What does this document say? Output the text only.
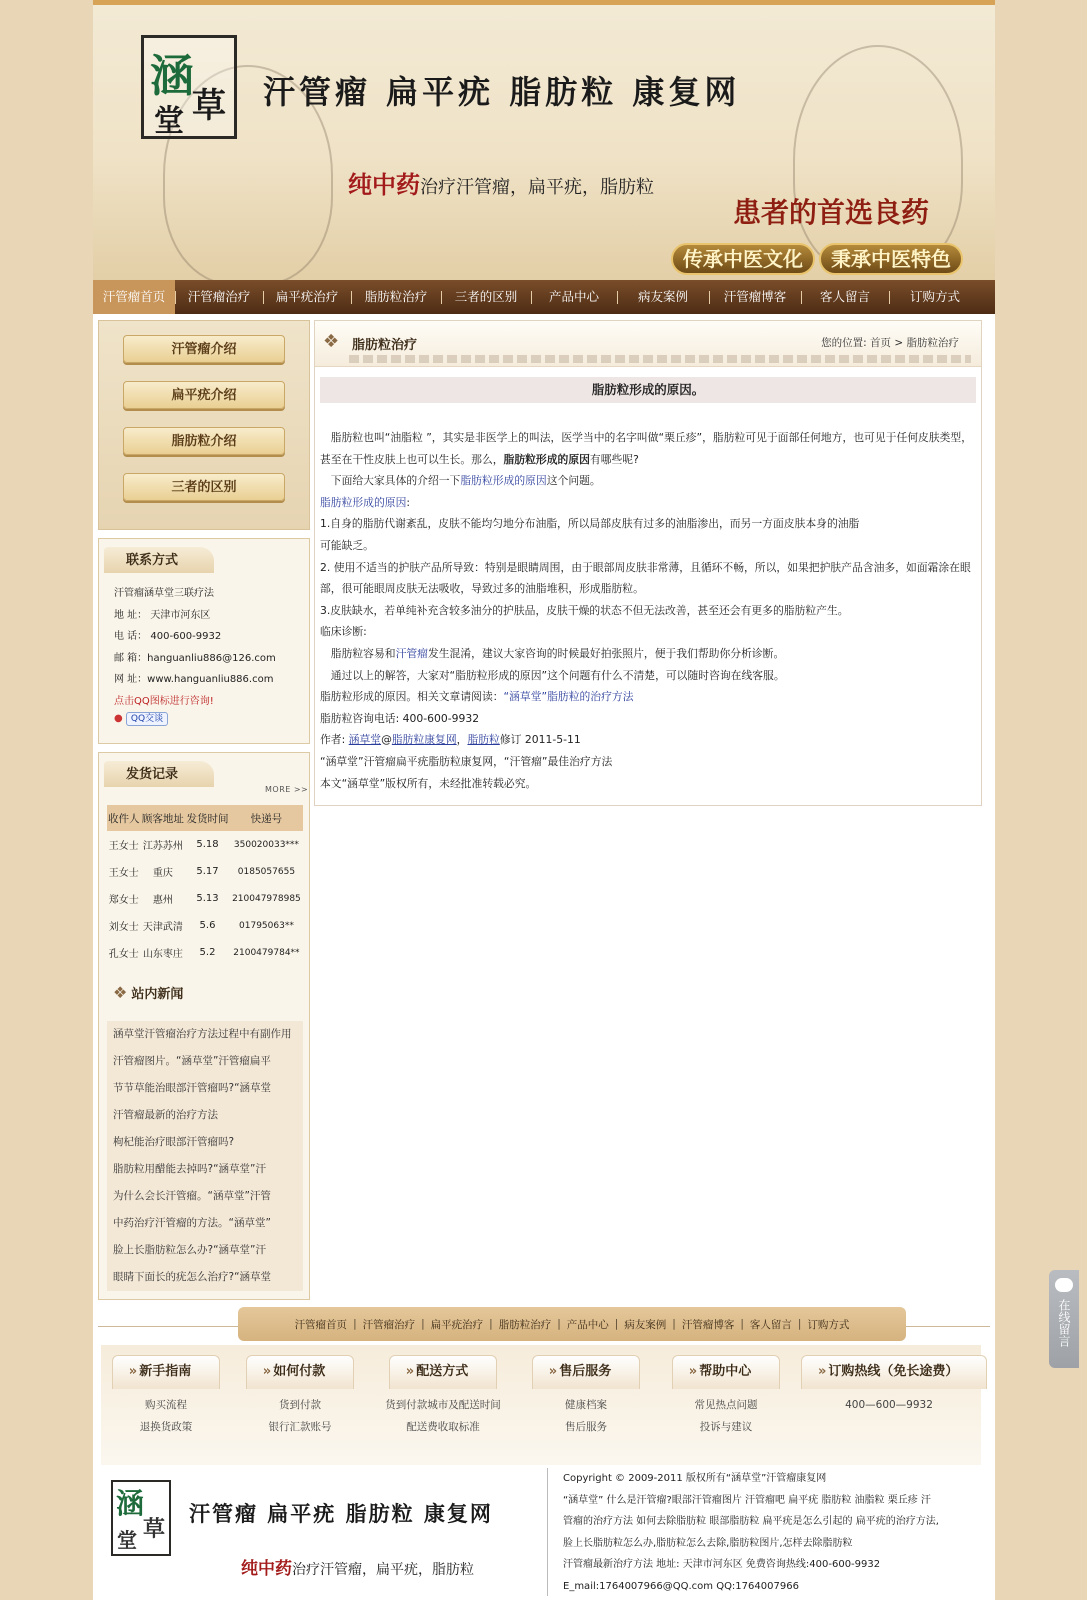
涵
草
堂
汗管瘤 扁平疣 脂肪粒 康复网
纯中药治疗汗管瘤，扁平疣，脂肪粒
患者的首选良药
传承中医文化	秉承中医特色
汗管瘤首页	汗管瘤治疗	扁平疣治疗	脂肪粒治疗	三者的区别	产品中心	病友案例	汗管瘤博客	客人留言	订购方式
汗管瘤介绍
扁平疣介绍
脂肪粒介绍
三者的区别
联系方式
汗管瘤涵草堂三联疗法
地 址： 天津市河东区
电 话： 400-600-9932
邮 箱：hanguanliu886@126.com
网 址：www.hanguanliu886.com
点击QQ图标进行咨询!
● QQ交谈
发货记录
MORE >>
收件人	顾客地址	发货时间	快递号
王女士	江苏苏州	5.18	350020033***
王女士	重庆	5.17	0185057655
郑女士	惠州	5.13	210047978985
刘女士	天津武清	5.6	01795063**
孔女士	山东枣庄	5.2	2100479784**
❖ 站内新闻
涵草堂汗管瘤治疗方法过程中有副作用
汗管瘤图片。“涵草堂”汗管瘤扁平
节节草能治眼部汗管瘤吗?“涵草堂
汗管瘤最新的治疗方法
枸杞能治疗眼部汗管瘤吗?
脂肪粒用醋能去掉吗?“涵草堂”汗
为什么会长汗管瘤。“涵草堂”汗管
中药治疗汗管瘤的方法。“涵草堂”
脸上长脂肪粒怎么办?“涵草堂”汗
眼睛下面长的疣怎么治疗?“涵草堂
❖ 脂肪粒治疗	您的位置: 首页 > 脂肪粒治疗
脂肪粒形成的原因。

　脂肪粒也叫“油脂粒 ”，其实是非医学上的叫法，医学当中的名字叫做“栗丘疹”，脂肪粒可见于面部任何地方，也可见于任何皮肤类型，

甚至在干性皮肤上也可以生长。那么，脂肪粒形成的原因有哪些呢?

　下面给大家具体的介绍一下脂肪粒形成的原因这个问题。

脂肪粒形成的原因:

1.自身的脂肪代谢紊乱，皮肤不能均匀地分布油脂，所以局部皮肤有过多的油脂渗出，而另一方面皮肤本身的油脂

可能缺乏。

2. 使用不适当的护肤产品所导致：特别是眼睛周围，由于眼部周皮肤非常薄，且循环不畅，所以，如果把护肤产品含油多，如面霜涂在眼

部，很可能眼周皮肤无法吸收，导致过多的油脂堆积，形成脂肪粒。

3.皮肤缺水，若单纯补充含较多油分的护肤品，皮肤干燥的状态不但无法改善，甚至还会有更多的脂肪粒产生。

临床诊断:

　脂肪粒容易和汗管瘤发生混淆，建议大家咨询的时候最好拍张照片，便于我们帮助你分析诊断。

　通过以上的解答，大家对“脂肪粒形成的原因”这个问题有什么不清楚，可以随时咨询在线客服。

脂肪粒形成的原因。相关文章请阅读：“涵草堂”脂肪粒的治疗方法

脂肪粒咨询电话: 400-600-9932

作者: 涵草堂@脂肪粒康复网，脂肪粒修订 2011-5-11

“涵草堂”汗管瘤扁平疣脂肪粒康复网，“汗管瘤”最佳治疗方法

本文“涵草堂”版权所有，未经批准转载必究。

汗管瘤首页 | 汗管瘤治疗 | 扁平疣治疗 | 脂肪粒治疗 | 产品中心 | 病友案例 | 汗管瘤博客 | 客人留言 | 订购方式
» 新手指南
购买流程
退换货政策
» 如何付款
货到付款
银行汇款账号
» 配送方式
货到付款城市及配送时间
配送费收取标准
» 售后服务
健康档案
售后服务
» 帮助中心
常见热点问题
投诉与建议
» 订购热线（免长途费）
400—600—9932
涵
草
堂
汗管瘤 扁平疣 脂肪粒 康复网
纯中药治疗汗管瘤，扁平疣，脂肪粒
Copyright © 2009-2011 版权所有“涵草堂”汗管瘤康复网
“涵草堂” 什么是汗管瘤?眼部汗管瘤图片 汗管瘤吧 扁平疣 脂肪粒 油脂粒 栗丘疹 汗
管瘤的治疗方法 如何去除脂肪粒 眼部脂肪粒 扁平疣是怎么引起的 扁平疣的治疗方法,
脸上长脂肪粒怎么办,脂肪粒怎么去除,脂肪粒图片,怎样去除脂肪粒
汗管瘤最新治疗方法 地址: 天津市河东区 免费咨询热线:400-600-9932
E_mail:1764007966@QQ.com QQ:1764007966
在线留言
